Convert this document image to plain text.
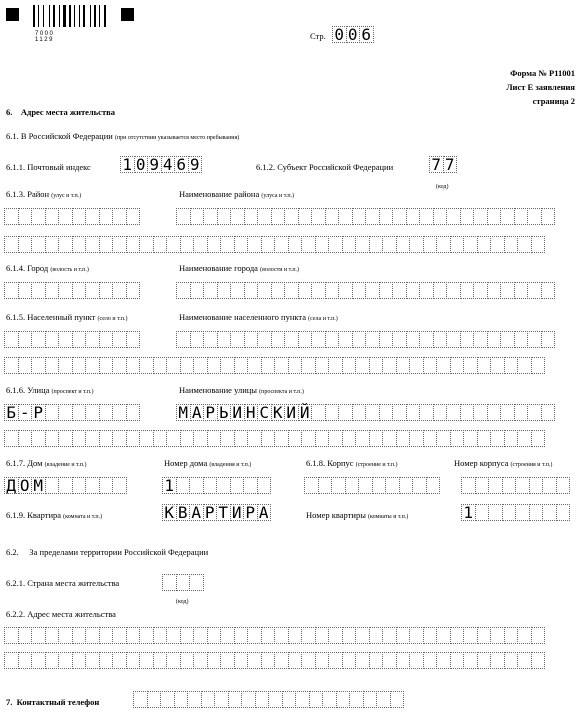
7000 1129	Стр. 0 0 6
Форма № Р11001
Лист Е заявления
страница 2
6.    Адрес места жительства
6.1. В Российской Федерации (при отсутствии указывается место пребывания)
6.1.1. Почтовый индекс 1 0 9 4 6 9	6.1.2. Субъект Российской Федерации 7 7
(код)
6.1.3. Район (улус и т.п.)	Наименование района (улуса и т.п.)
6.1.4. Город (волость и т.п.)	Наименование города (волости и т.п.)
6.1.5. Населенный пункт (село и т.п.)	Наименование населенного пункта (села и т.п.)
6.1.6. Улица (проспект и т.п.)	Наименование улицы (проспекта и т.п.)
Б - Р	М А Р Ь И Н С К И Й
6.1.7. Дом (владение и т.п.)	Номер дома (владения и т.п.)	6.1.8. Корпус (строение и т.п.)	Номер корпуса (строения и т.п.)
Д О М	1
6.1.9. Квартира (комната и т.п.)	К В А Р Т И Р А	Номер квартиры (комнаты и т.п.)	1
6.2.     За пределами территории Российской Федерации
6.2.1. Страна места жительства
(код)
6.2.2. Адрес места жительства
7.  Контактный телефон
